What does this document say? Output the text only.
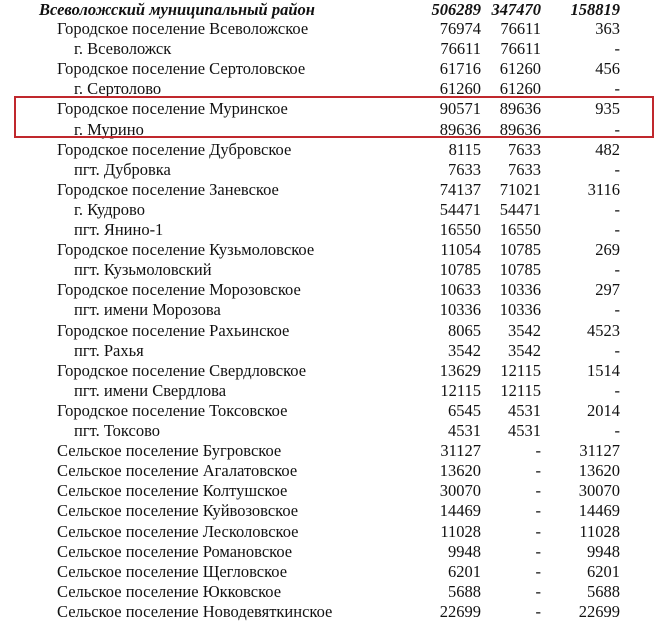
Всеволожский муниципальный район	506289 347470 158819
Городское поселение Всеволожское	76974 76611	363
г. Всеволожск	76611 76611	-
Городское поселение Сертоловское	61716 61260	456
г. Сертолово	61260 61260	-
Городское поселение Муринское	90571 89636	935
г. Мурино	89636 89636	-
Городское поселение Дубровское	8115 7633	482
пгт. Дубровка	7633 7633	-
Городское поселение Заневское	74137 71021	3116
г. Кудрово	54471 54471	-
пгт. Янино-1	16550 16550	-
Городское поселение Кузьмоловское	11054 10785	269
пгт. Кузьмоловский	10785 10785	-
Городское поселение Морозовское	10633 10336	297
пгт. имени Морозова	10336 10336	-
Городское поселение Рахьинское	8065 3542	4523
пгт. Рахья	3542 3542	-
Городское поселение Свердловское	13629 12115	1514
пгт. имени Свердлова	12115 12115	-
Городское поселение Токсовское	6545 4531	2014
пгт. Токсово	4531 4531	-
Сельское поселение Бугровское	31127	- 31127
Сельское поселение Агалатовское	13620	- 13620
Сельское поселение Колтушское	30070	- 30070
Сельское поселение Куйвозовское	14469	- 14469
Сельское поселение Лесколовское	11028	- 11028
Сельское поселение Романовское	9948	-	9948
Сельское поселение Щегловское	6201	-	6201
Сельское поселение Юкковское	5688	-	5688
Сельское поселение Новодевяткинское	22699	- 22699
